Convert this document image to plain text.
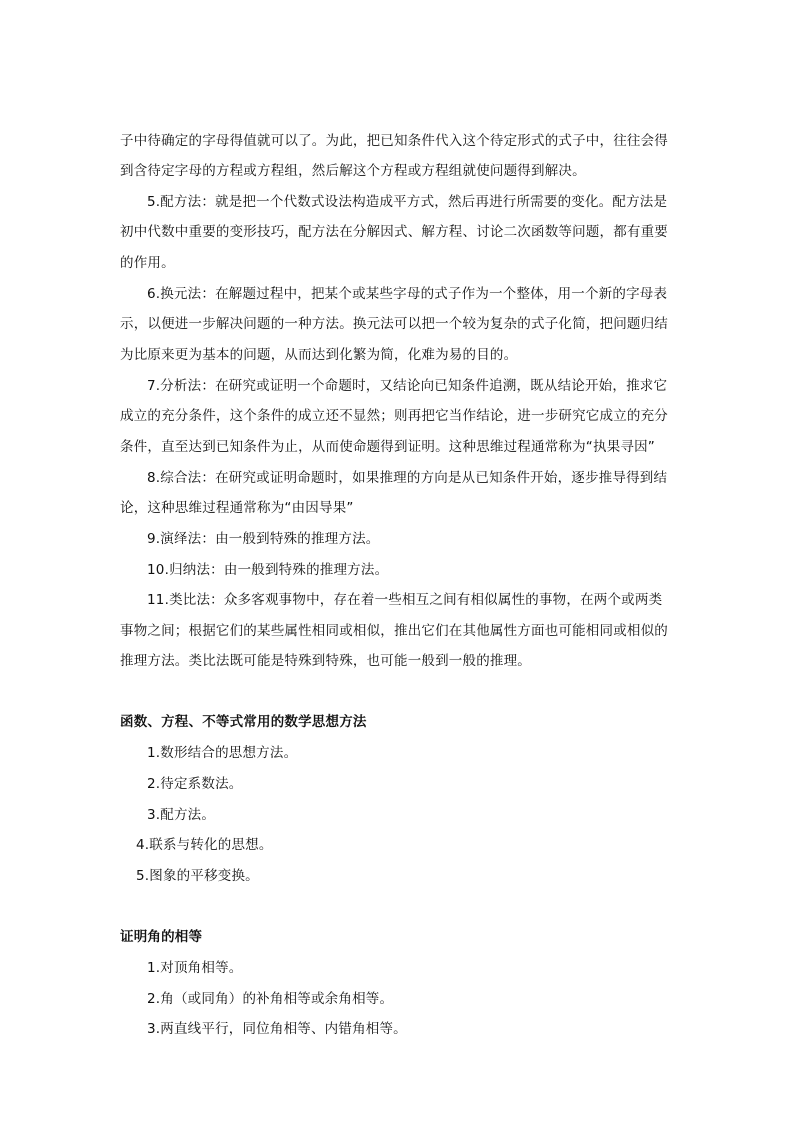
子中待确定的字母得值就可以了。为此，把已知条件代入这个待定形式的式子中，往往会得
到含待定字母的方程或方程组，然后解这个方程或方程组就使问题得到解决。
5.配方法：就是把一个代数式设法构造成平方式，然后再进行所需要的变化。配方法是
初中代数中重要的变形技巧，配方法在分解因式、解方程、讨论二次函数等问题，都有重要
的作用。
6.换元法：在解题过程中，把某个或某些字母的式子作为一个整体，用一个新的字母表
示，以便进一步解决问题的一种方法。换元法可以把一个较为复杂的式子化简，把问题归结
为比原来更为基本的问题，从而达到化繁为简，化难为易的目的。
7.分析法：在研究或证明一个命题时，又结论向已知条件追溯，既从结论开始，推求它
成立的充分条件，这个条件的成立还不显然；则再把它当作结论，进一步研究它成立的充分
条件，直至达到已知条件为止，从而使命题得到证明。这种思维过程通常称为“执果寻因”
8.综合法：在研究或证明命题时，如果推理的方向是从已知条件开始，逐步推导得到结
论，这种思维过程通常称为“由因导果”
9.演绎法：由一般到特殊的推理方法。
10.归纳法：由一般到特殊的推理方法。
11.类比法：众多客观事物中，存在着一些相互之间有相似属性的事物，在两个或两类
事物之间；根据它们的某些属性相同或相似，推出它们在其他属性方面也可能相同或相似的
推理方法。类比法既可能是特殊到特殊，也可能一般到一般的推理。
函数、方程、不等式常用的数学思想方法
1.数形结合的思想方法。
2.待定系数法。
3.配方法。
4.联系与转化的思想。
5.图象的平移变换。
证明角的相等
1.对顶角相等。
2.角（或同角）的补角相等或余角相等。
3.两直线平行，同位角相等、内错角相等。
